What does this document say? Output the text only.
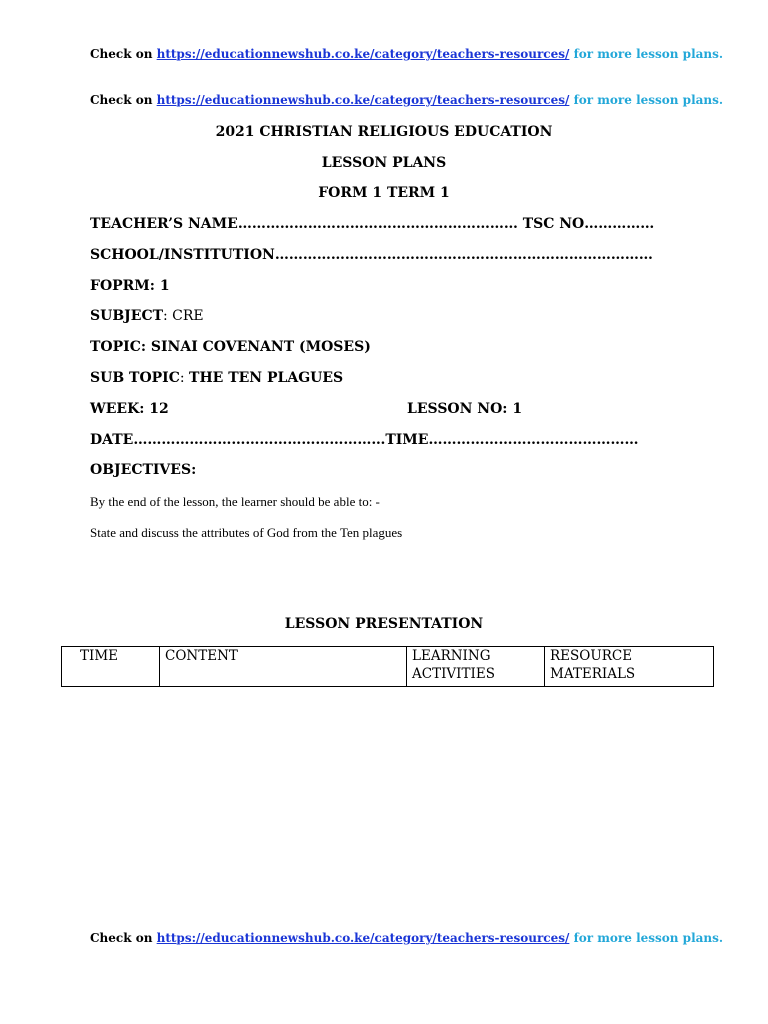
Check on https://educationnewshub.co.ke/category/teachers-resources/ for more lesson plans.
Check on https://educationnewshub.co.ke/category/teachers-resources/ for more lesson plans.
2021 CHRISTIAN RELIGIOUS EDUCATION
LESSON PLANS
FORM 1 TERM 1
TEACHER’S NAME…………………………………………………… TSC NO……………
SCHOOL/INSTITUTION………………………………………………………………………
FOPRM: 1
SUBJECT: CRE
TOPIC: SINAI COVENANT (MOSES)
SUB TOPIC: THE TEN PLAGUES
WEEK: 12	LESSON NO: 1
DATE………………………………………………TIME………………………………………
OBJECTIVES:
By the end of the lesson, the learner should be able to: -
State and discuss the attributes of God from the Ten plagues
LESSON PRESENTATION
TIME	CONTENT	LEARNING ACTIVITIES	RESOURCE MATERIALS
Check on https://educationnewshub.co.ke/category/teachers-resources/ for more lesson plans.
